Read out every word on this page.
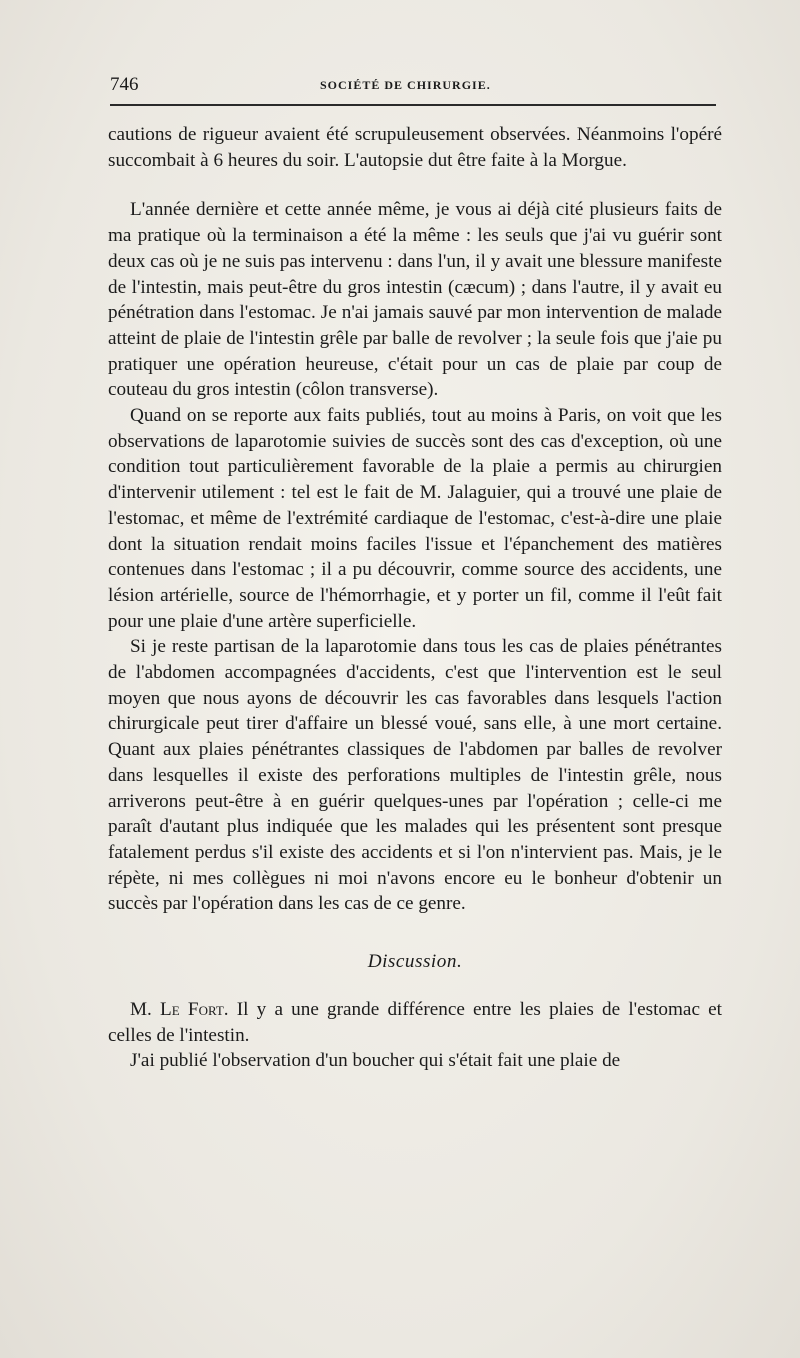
746	SOCIÉTÉ DE CHIRURGIE.

cautions de rigueur avaient été scrupuleusement observées. Néanmoins l'opéré succombait à 6 heures du soir. L'autopsie dut être faite à la Morgue.

L'année dernière et cette année même, je vous ai déjà cité plusieurs faits de ma pratique où la terminaison a été la même : les seuls que j'ai vu guérir sont deux cas où je ne suis pas intervenu : dans l'un, il y avait une blessure manifeste de l'intestin, mais peut-être du gros intestin (cæcum) ; dans l'autre, il y avait eu pénétration dans l'estomac. Je n'ai jamais sauvé par mon intervention de malade atteint de plaie de l'intestin grêle par balle de revolver ; la seule fois que j'aie pu pratiquer une opération heureuse, c'était pour un cas de plaie par coup de couteau du gros intestin (côlon transverse).

Quand on se reporte aux faits publiés, tout au moins à Paris, on voit que les observations de laparotomie suivies de succès sont des cas d'exception, où une condition tout particulièrement favorable de la plaie a permis au chirurgien d'intervenir utilement : tel est le fait de M. Jalaguier, qui a trouvé une plaie de l'estomac, et même de l'extrémité cardiaque de l'estomac, c'est-à-dire une plaie dont la situation rendait moins faciles l'issue et l'épanchement des matières contenues dans l'estomac ; il a pu découvrir, comme source des accidents, une lésion artérielle, source de l'hémorrhagie, et y porter un fil, comme il l'eût fait pour une plaie d'une artère superficielle.

Si je reste partisan de la laparotomie dans tous les cas de plaies pénétrantes de l'abdomen accompagnées d'accidents, c'est que l'intervention est le seul moyen que nous ayons de découvrir les cas favorables dans lesquels l'action chirurgicale peut tirer d'affaire un blessé voué, sans elle, à une mort certaine. Quant aux plaies pénétrantes classiques de l'abdomen par balles de revolver dans lesquelles il existe des perforations multiples de l'intestin grêle, nous arriverons peut-être à en guérir quelques-unes par l'opération ; celle-ci me paraît d'autant plus indiquée que les malades qui les présentent sont presque fatalement perdus s'il existe des accidents et si l'on n'intervient pas. Mais, je le répète, ni mes collègues ni moi n'avons encore eu le bonheur d'obtenir un succès par l'opération dans les cas de ce genre.

Discussion.

M. Le Fort. Il y a une grande différence entre les plaies de l'estomac et celles de l'intestin.

J'ai publié l'observation d'un boucher qui s'était fait une plaie de
